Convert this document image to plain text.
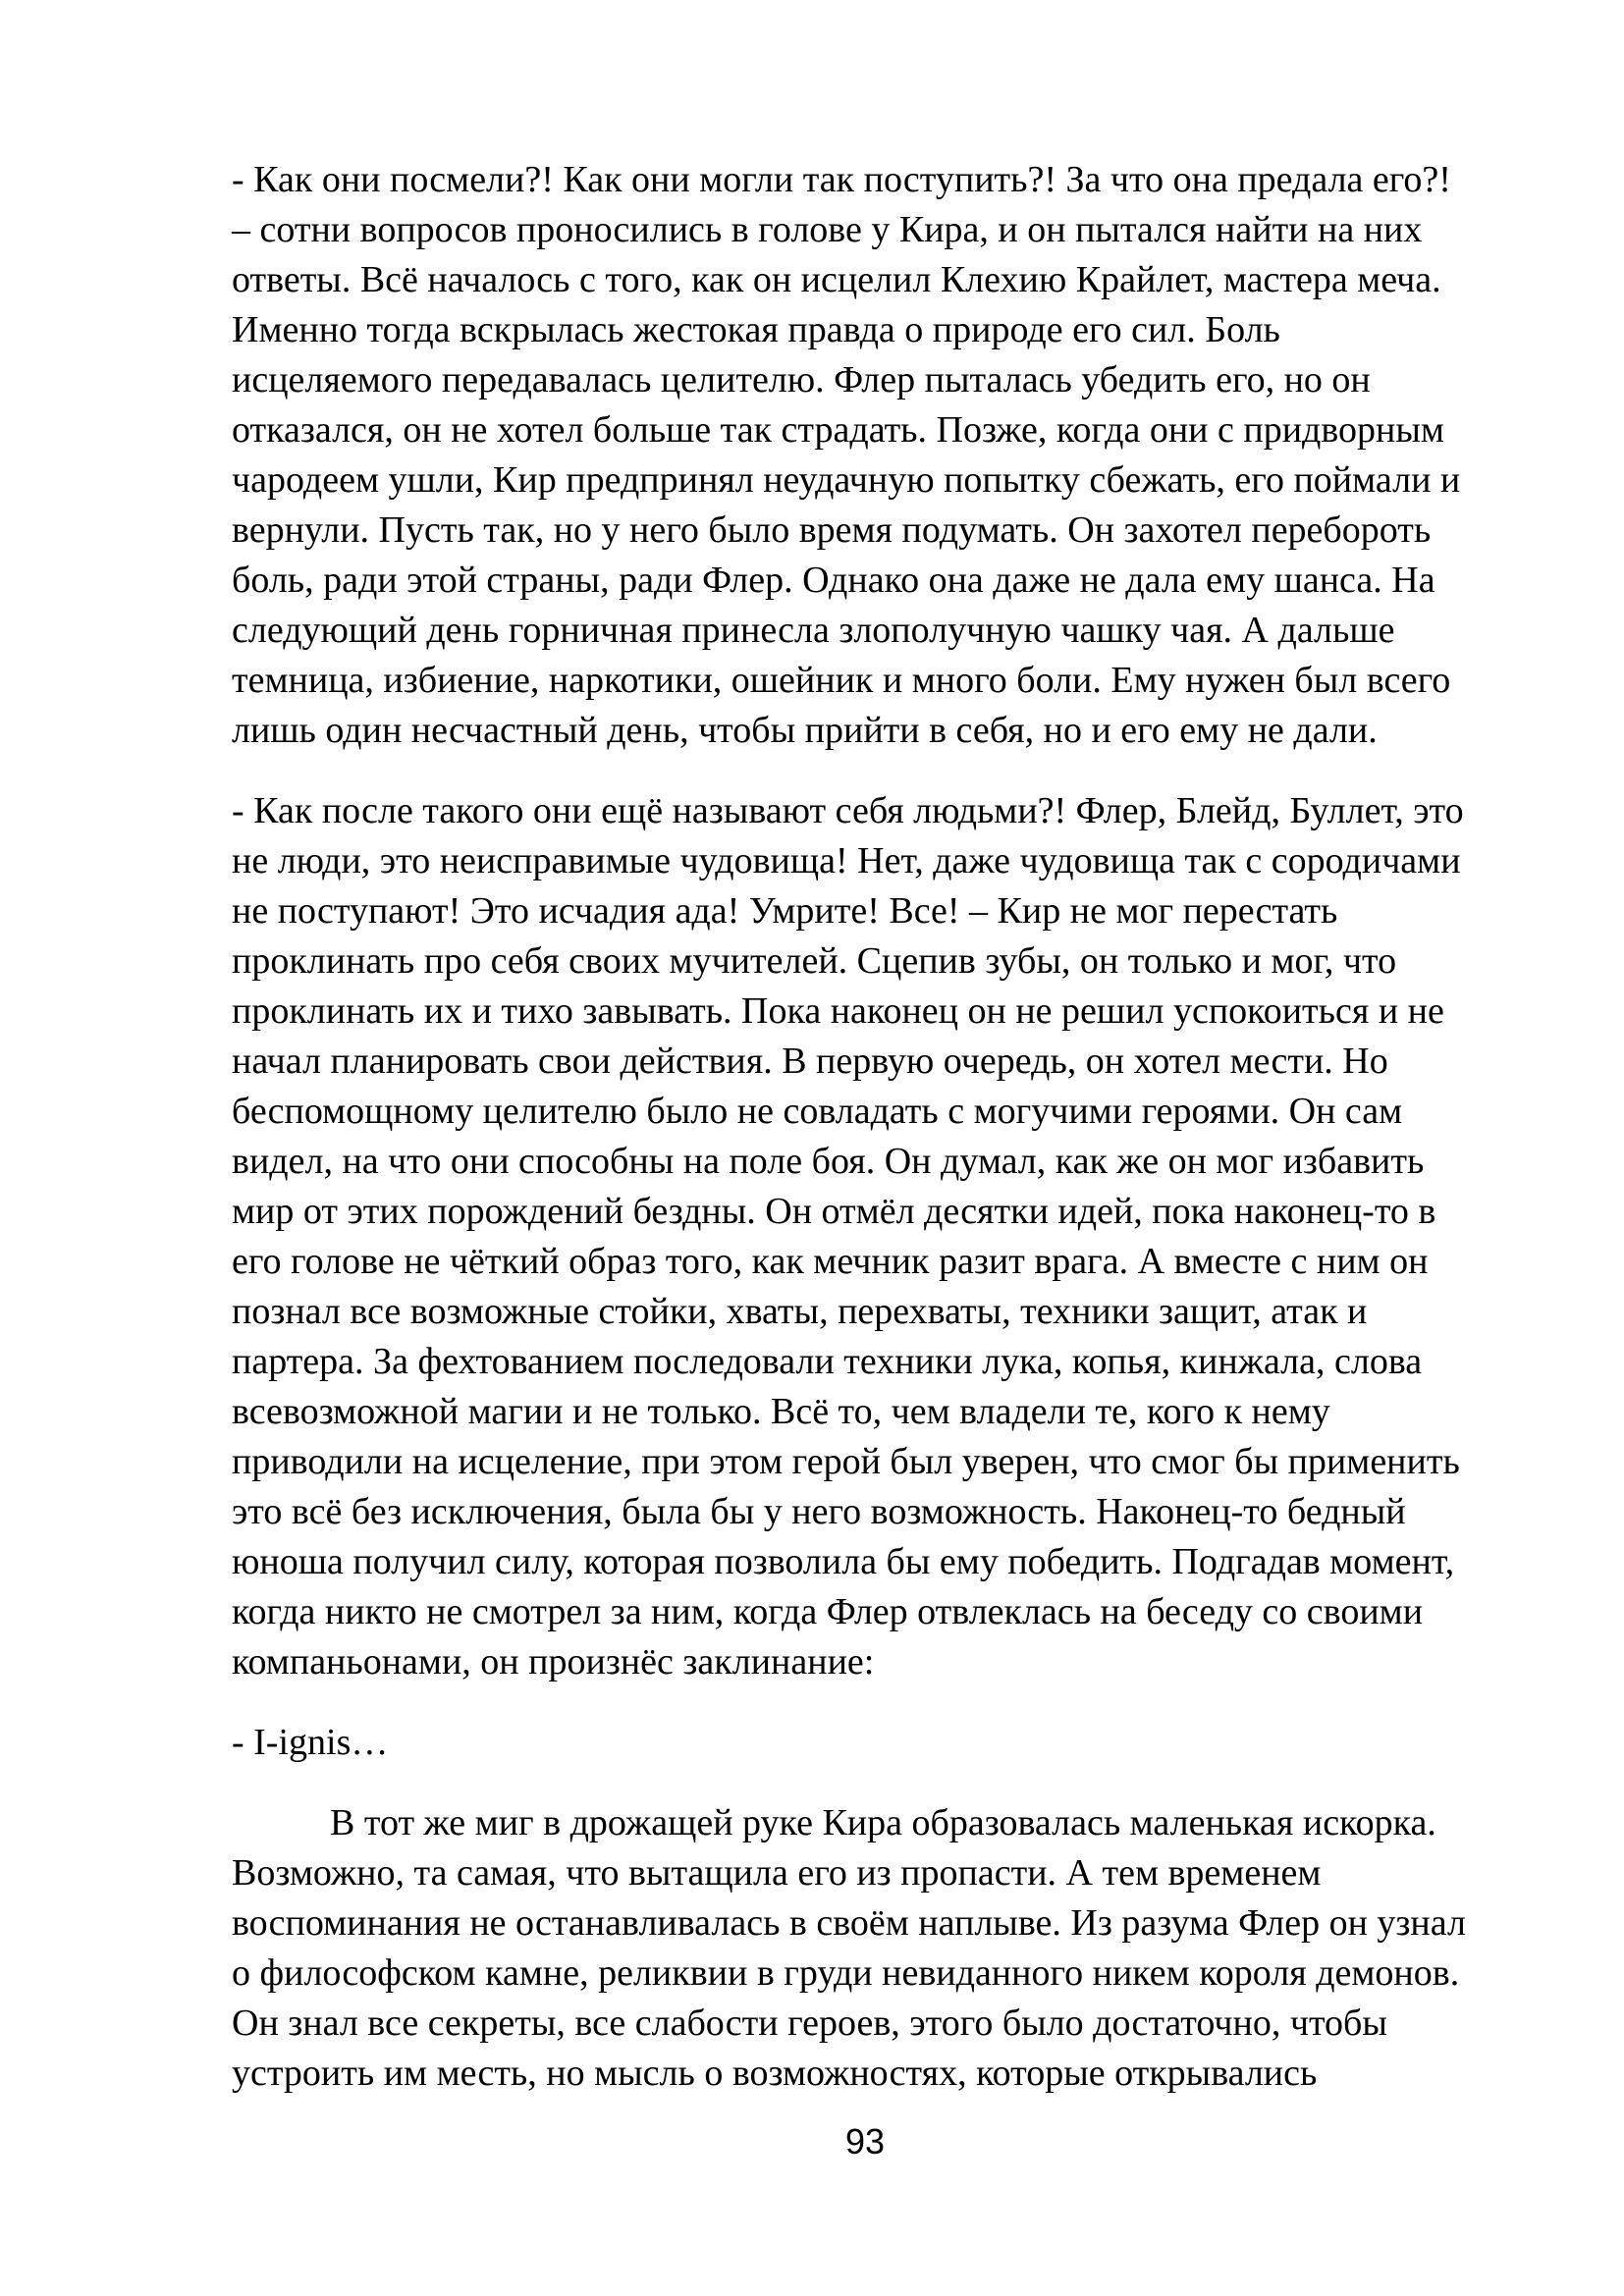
- Как они посмели?! Как они могли так поступить?! За что она предала его?!
– сотни вопросов проносились в голове у Кира, и он пытался найти на них
ответы. Всё началось с того, как он исцелил Клехию Крайлет, мастера меча.
Именно тогда вскрылась жестокая правда о природе его сил. Боль
исцеляемого передавалась целителю. Флер пыталась убедить его, но он
отказался, он не хотел больше так страдать. Позже, когда они с придворным
чародеем ушли, Кир предпринял неудачную попытку сбежать, его поймали и
вернули. Пусть так, но у него было время подумать. Он захотел перебороть
боль, ради этой страны, ради Флер. Однако она даже не дала ему шанса. На
следующий день горничная принесла злополучную чашку чая. А дальше
темница, избиение, наркотики, ошейник и много боли. Ему нужен был всего
лишь один несчастный день, чтобы прийти в себя, но и его ему не дали.

- Как после такого они ещё называют себя людьми?! Флер, Блейд, Буллет, это
не люди, это неисправимые чудовища! Нет, даже чудовища так с сородичами
не поступают! Это исчадия ада! Умрите! Все! – Кир не мог перестать
проклинать про себя своих мучителей. Сцепив зубы, он только и мог, что
проклинать их и тихо завывать. Пока наконец он не решил успокоиться и не
начал планировать свои действия. В первую очередь, он хотел мести. Но
беспомощному целителю было не совладать с могучими героями. Он сам
видел, на что они способны на поле боя. Он думал, как же он мог избавить
мир от этих порождений бездны. Он отмёл десятки идей, пока наконец-то в
его голове не чёткий образ того, как мечник разит врага. А вместе с ним он
познал все возможные стойки, хваты, перехваты, техники защит, атак и
партера. За фехтованием последовали техники лука, копья, кинжала, слова
всевозможной магии и не только. Всё то, чем владели те, кого к нему
приводили на исцеление, при этом герой был уверен, что смог бы применить
это всё без исключения, была бы у него возможность. Наконец-то бедный
юноша получил силу, которая позволила бы ему победить. Подгадав момент,
когда никто не смотрел за ним, когда Флер отвлеклась на беседу со своими
компаньонами, он произнёс заклинание:

- I-ignis…

В тот же миг в дрожащей руке Кира образовалась маленькая искорка.
Возможно, та самая, что вытащила его из пропасти. А тем временем
воспоминания не останавливалась в своём наплыве. Из разума Флер он узнал
о философском камне, реликвии в груди невиданного никем короля демонов.
Он знал все секреты, все слабости героев, этого было достаточно, чтобы
устроить им месть, но мысль о возможностях, которые открывались

93
